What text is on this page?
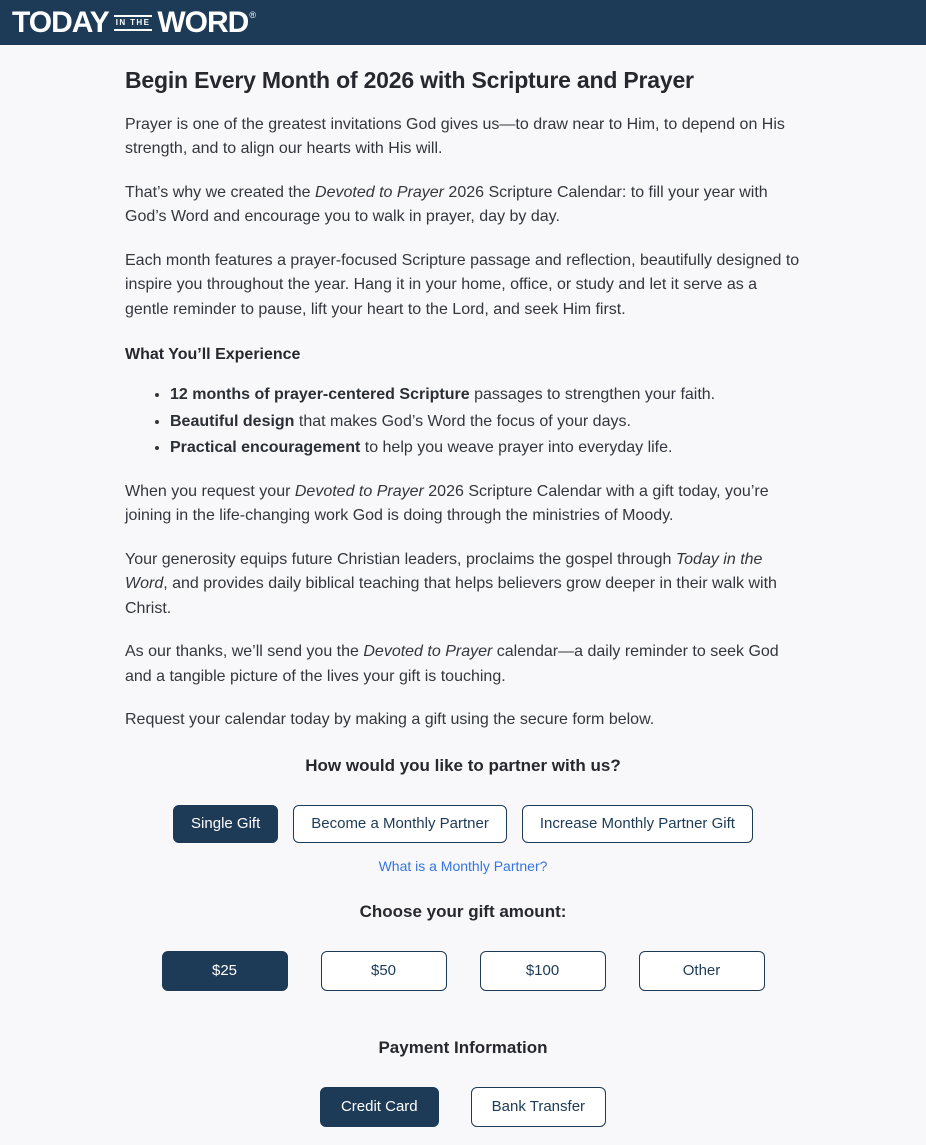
TODAY IN THE WORD ®
Begin Every Month of 2026 with Scripture and Prayer

Prayer is one of the greatest invitations God gives us—to draw near to Him, to depend on His strength, and to align our hearts with His will.

That’s why we created the Devoted to Prayer 2026 Scripture Calendar: to fill your year with God’s Word and encourage you to walk in prayer, day by day.

Each month features a prayer-focused Scripture passage and reflection, beautifully designed to inspire you throughout the year. Hang it in your home, office, or study and let it serve as a gentle reminder to pause, lift your heart to the Lord, and seek Him first.

What You’ll Experience

• 12 months of prayer-centered Scripture passages to strengthen your faith.
• Beautiful design that makes God’s Word the focus of your days.
• Practical encouragement to help you weave prayer into everyday life.

When you request your Devoted to Prayer 2026 Scripture Calendar with a gift today, you’re joining in the life-changing work God is doing through the ministries of Moody.

Your generosity equips future Christian leaders, proclaims the gospel through Today in the Word, and provides daily biblical teaching that helps believers grow deeper in their walk with Christ.

As our thanks, we’ll send you the Devoted to Prayer calendar—a daily reminder to seek God and a tangible picture of the lives your gift is touching.

Request your calendar today by making a gift using the secure form below.

How would you like to partner with us?
Single Gift	Become a Monthly Partner	Increase Monthly Partner Gift
What is a Monthly Partner?
Choose your gift amount:
$25	$50	$100	Other
Payment Information
Credit Card	Bank Transfer
